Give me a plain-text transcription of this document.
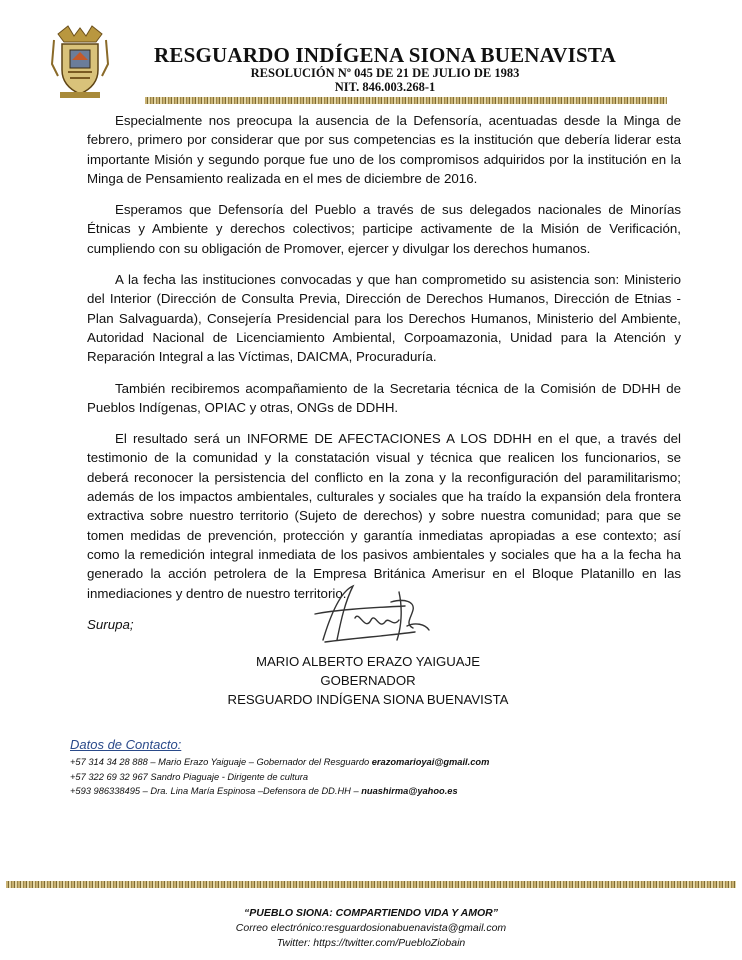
RESGUARDO INDÍGENA SIONA BUENAVISTA
RESOLUCIÓN Nº 045 DE 21 DE JULIO DE 1983
NIT. 846.003.268-1

Especialmente nos preocupa la ausencia de la Defensoría, acentuadas desde la Minga de febrero, primero por considerar que por sus competencias es la institución que debería liderar esta importante Misión y segundo porque fue uno de los compromisos adquiridos por la institución en la Minga de Pensamiento realizada en el mes de diciembre de 2016.

Esperamos que Defensoría del Pueblo a través de sus delegados nacionales de Minorías Étnicas y Ambiente y derechos colectivos; participe activamente de la Misión de Verificación, cumpliendo con su obligación de Promover, ejercer y divulgar los derechos humanos.

A la fecha las instituciones convocadas y que han comprometido su asistencia son: Ministerio del Interior (Dirección de Consulta Previa, Dirección de Derechos Humanos, Dirección de Etnias - Plan Salvaguarda), Consejería Presidencial para los Derechos Humanos, Ministerio del Ambiente, Autoridad Nacional de Licenciamiento Ambiental, Corpoamazonia, Unidad para la Atención y Reparación Integral a las Víctimas, DAICMA, Procuraduría.

También recibiremos acompañamiento de la Secretaria técnica de la Comisión de DDHH de Pueblos Indígenas, OPIAC y otras, ONGs de DDHH.

El resultado será un INFORME DE AFECTACIONES A LOS DDHH en el que, a través del testimonio de la comunidad y la constatación visual y técnica que realicen los funcionarios, se deberá reconocer la persistencia del conflicto en la zona y la reconfiguración del paramilitarismo; además de los impactos ambientales, culturales y sociales que ha traído la expansión dela frontera extractiva sobre nuestro territorio (Sujeto de derechos) y sobre nuestra comunidad; para que se tomen medidas de prevención, protección y garantía inmediatas apropiadas a ese contexto; así como la remedición integral inmediata de los pasivos ambientales y sociales que ha a la fecha ha generado la acción petrolera de la Empresa Británica Amerisur en el Bloque Platanillo en las inmediaciones y dentro de nuestro territorio.

Surupa;

MARIO ALBERTO ERAZO YAIGUAJE
GOBERNADOR
RESGUARDO INDÍGENA SIONA BUENAVISTA
Datos de Contacto:
+57 314 34 28 888 – Mario Erazo Yaiguaje – Gobernador del Resguardo erazomarioyai@gmail.com
+57 322 69 32 967 Sandro Piaguaje - Dirigente de cultura
+593 986338495 – Dra. Lina María Espinosa –Defensora de DD.HH – nuashirma@yahoo.es
“PUEBLO SIONA: COMPARTIENDO VIDA Y AMOR”
Correo electrónico:resguardosionabuenavista@gmail.com
Twitter: https://twitter.com/PuebloZiobain
